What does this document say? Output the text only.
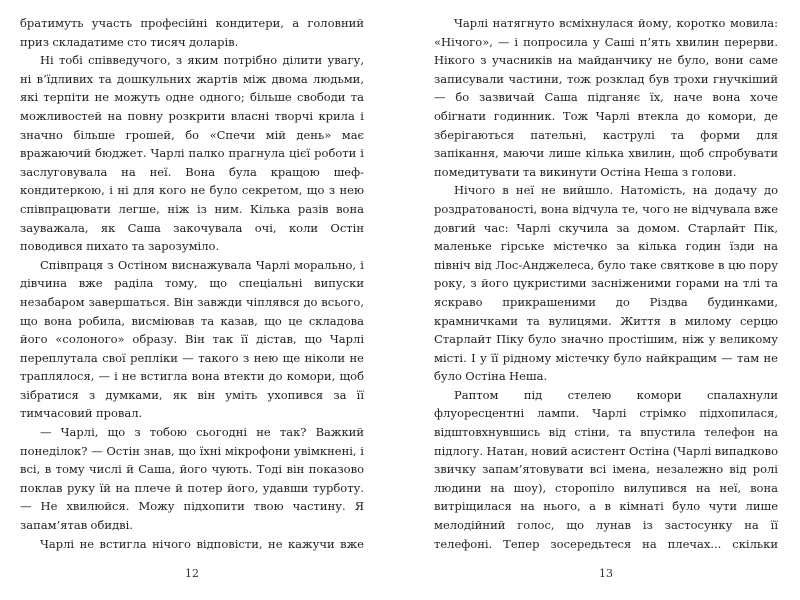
братимуть участь професійні кондитери, а головний приз складатиме сто тисяч доларів.

Ні тобі співведучого, з яким потрібно ділити увагу, ні в’їдливих та дошкульних жартів між двома людьми, які терпіти не можуть одне одного; більше свободи та можливостей на повну розкрити власні творчі крила і значно більше грошей, бо «Спечи мій день» має вражаючий бюджет. Чарлі палко прагнула цієї роботи і заслуговувала на неї. Вона була кращою шеф-кондитеркою, і ні для кого не було секретом, що з нею співпрацювати легше, ніж із ним. Кілька разів вона зауважала, як Саша закочувала очі, коли Остін поводився пихато та зарозуміло.

Співпраця з Остіном виснажувала Чарлі морально, і дівчина вже раділа тому, що спеціальні випуски незабаром завершаться. Він завжди чіплявся до всього, що вона робила, висміював та казав, що це складова його «солоного» образу. Він так її дістав, що Чарлі переплутала свої репліки — такого з нею ще ніколи не траплялося, — і не встигла вона втекти до комори, щоб зібратися з думками, як він уміть ухопився за її тимчасовий провал.

— Чарлі, що з тобою сьогодні не так? Важкий понеділок? — Остін знав, що їхні мікрофони увімкнені, і всі, в тому числі й Саша, його чують. Тоді він показово поклав руку їй на плече й потер його, удавши турботу. — Не хвилюйся. Можу підхопити твою частину. Я запам’ятав обидві.

Чарлі не встигла нічого відповісти, не кажучи вже

12

Чарлі натягнуто всміхнулася йому, коротко мовила: «Нічого», — і попросила у Саші п’ять хвилин перерви. Нікого з учасників на майданчику не було, вони саме записували частини, тож розклад був трохи гнучкіший — бо зазвичай Саша підганяє їх, наче вона хоче обігнати годинник. Тож Чарлі втекла до комори, де зберігаються пательні, каструлі та форми для запікання, маючи лише кілька хвилин, щоб спробувати помедитувати та викинути Остіна Неша з голови.

Нічого в неї не вийшло. Натомість, на додачу до роздратованості, вона відчула те, чого не відчувала вже довгий час: Чарлі скучила за домом. Старлайт Пік, маленьке гірське містечко за кілька годин їзди на північ від Лос-Анджелеса, було таке святкове в цю пору року, з його цукристими засніженими горами на тлі та яскраво прикрашеними до Різдва будинками, крамничками та вулицями. Життя в милому серцю Старлайт Піку було значно простішим, ніж у великому місті. І у її рідному містечку було найкращим — там не було Остіна Неша.

Раптом під стелею комори спалахнули флуоресцентні лампи. Чарлі стрімко підхопилася, відштовхнувшись від стіни, та впустила телефон на підлогу. Натан, новий асистент Остіна (Чарлі випадково звичку запам’ятовувати всі імена, незалежно від ролі людини на шоу), сторопіло вилупився на неї, вона витріщилася на нього, а в кімнаті було чути лише мелодійний голос, що лунав із застосунку на її телефоні. Тепер зосередьтеся на плечах... скільки

13
